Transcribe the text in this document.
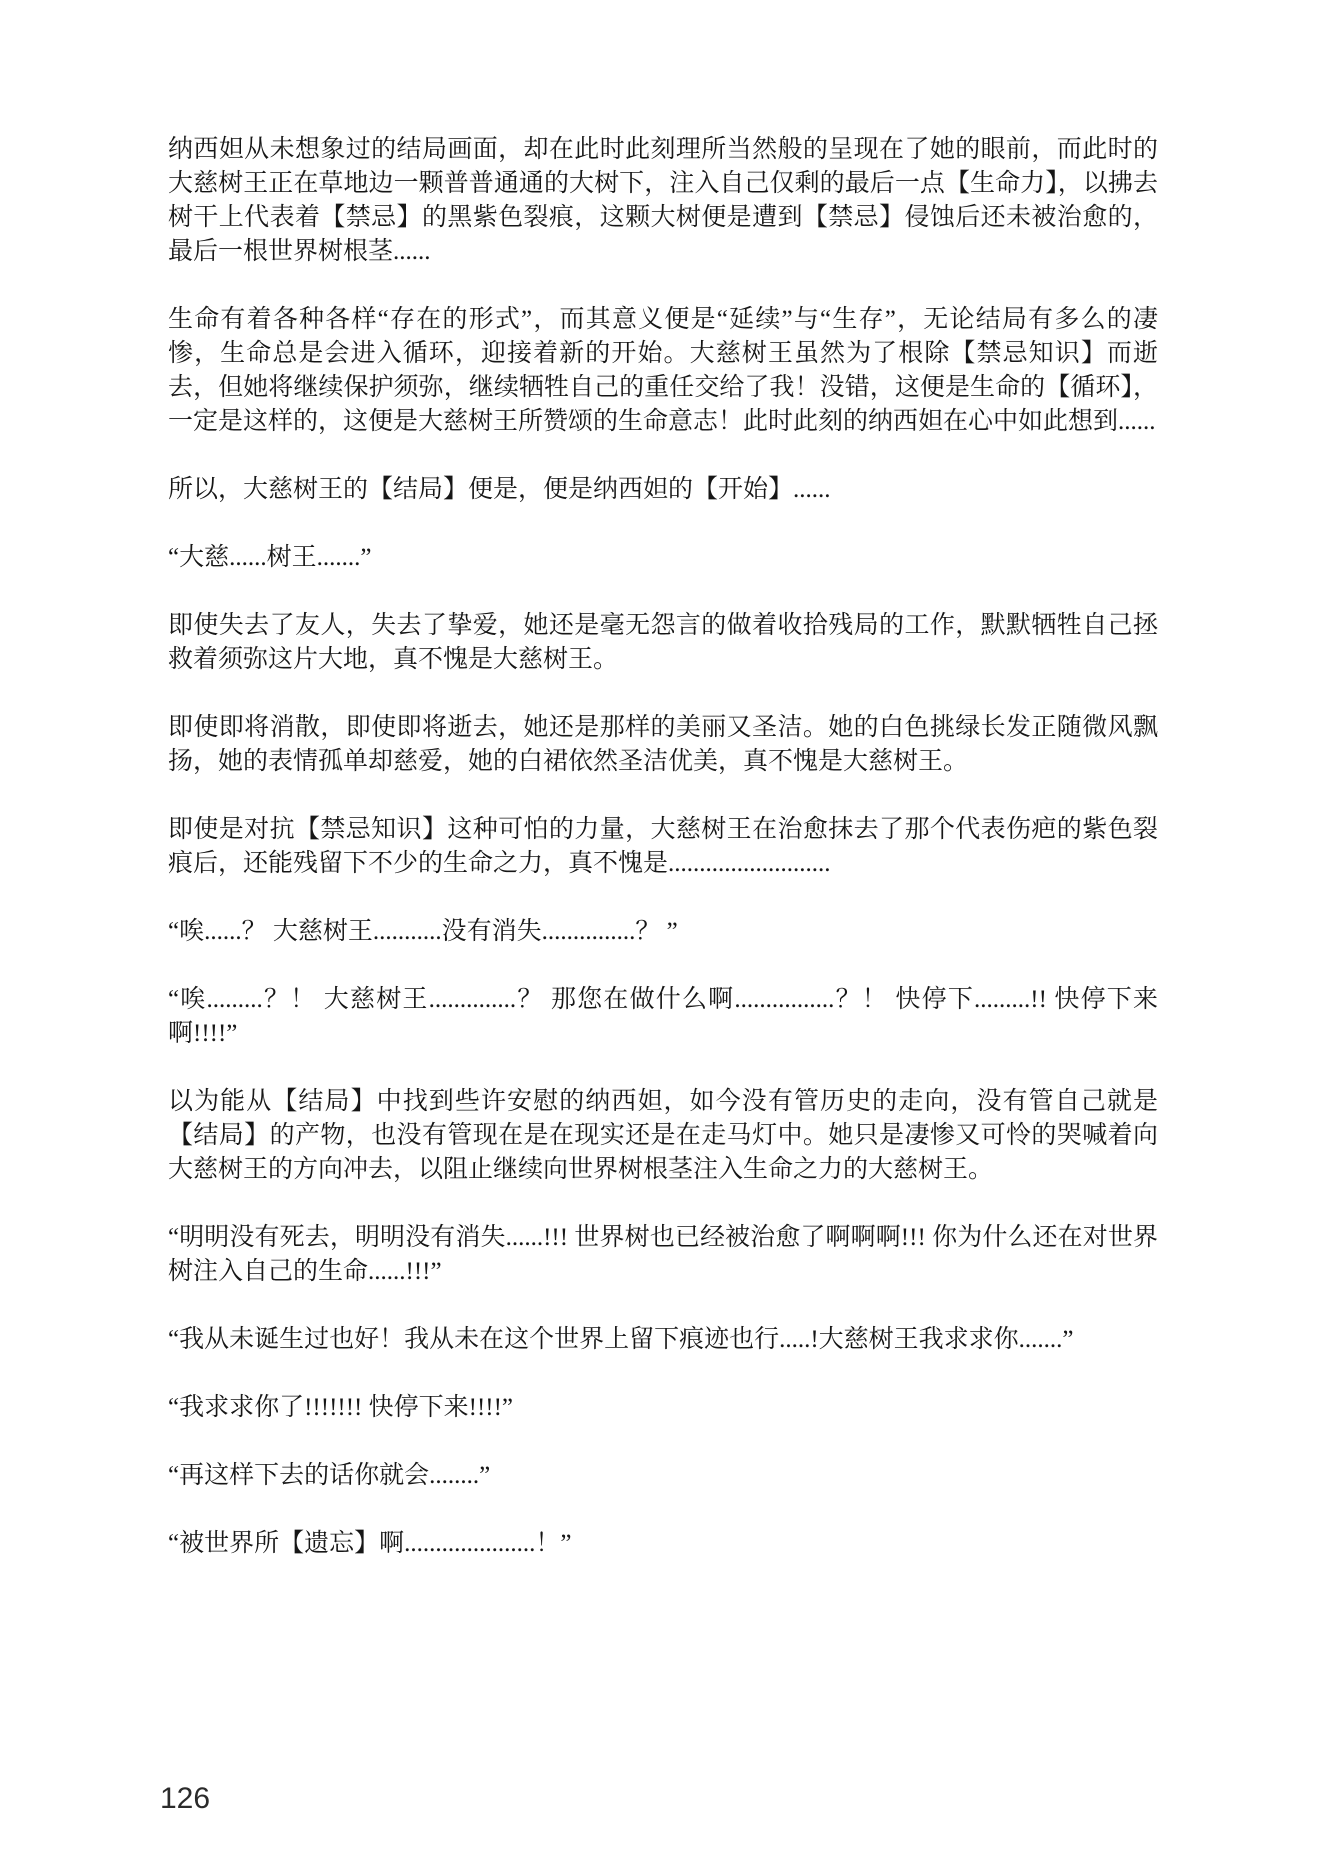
纳西妲从未想象过的结局画面，却在此时此刻理所当然般的呈现在了她的眼前，而此时的大慈树王正在草地边一颗普普通通的大树下，注入自己仅剩的最后一点【生命力】，以拂去树干上代表着【禁忌】的黑紫色裂痕，这颗大树便是遭到【禁忌】侵蚀后还未被治愈的，最后一根世界树根茎......

生命有着各种各样“存在的形式”，而其意义便是“延续”与“生存”，无论结局有多么的凄惨，生命总是会进入循环，迎接着新的开始。大慈树王虽然为了根除【禁忌知识】而逝去，但她将继续保护须弥，继续牺牲自己的重任交给了我！没错，这便是生命的【循环】，一定是这样的，这便是大慈树王所赞颂的生命意志！此时此刻的纳西妲在心中如此想到......

所以，大慈树王的【结局】便是，便是纳西妲的【开始】......

“大慈......树王.......”

即使失去了友人，失去了挚爱，她还是毫无怨言的做着收拾残局的工作，默默牺牲自己拯救着须弥这片大地，真不愧是大慈树王。

即使即将消散，即使即将逝去，她还是那样的美丽又圣洁。她的白色挑绿长发正随微风飘扬，她的表情孤单却慈爱，她的白裙依然圣洁优美，真不愧是大慈树王。

即使是对抗【禁忌知识】这种可怕的力量，大慈树王在治愈抹去了那个代表伤疤的紫色裂痕后，还能残留下不少的生命之力，真不愧是..........................

“唉......？ 大慈树王...........没有消失...............？ ”

“唉.........？！ 大慈树王..............？ 那您在做什么啊................？！ 快停下.........!! 快停下来啊!!!!”

以为能从【结局】中找到些许安慰的纳西妲，如今没有管历史的走向，没有管自己就是【结局】的产物，也没有管现在是在现实还是在走马灯中。她只是凄惨又可怜的哭喊着向大慈树王的方向冲去，以阻止继续向世界树根茎注入生命之力的大慈树王。

“明明没有死去，明明没有消失......!!! 世界树也已经被治愈了啊啊啊!!! 你为什么还在对世界树注入自己的生命......!!!”

“我从未诞生过也好！我从未在这个世界上留下痕迹也行.....!大慈树王我求求你.......”

“我求求你了!!!!!!! 快停下来!!!!”

“再这样下去的话你就会........”

“被世界所【遗忘】啊.....................！”

126
